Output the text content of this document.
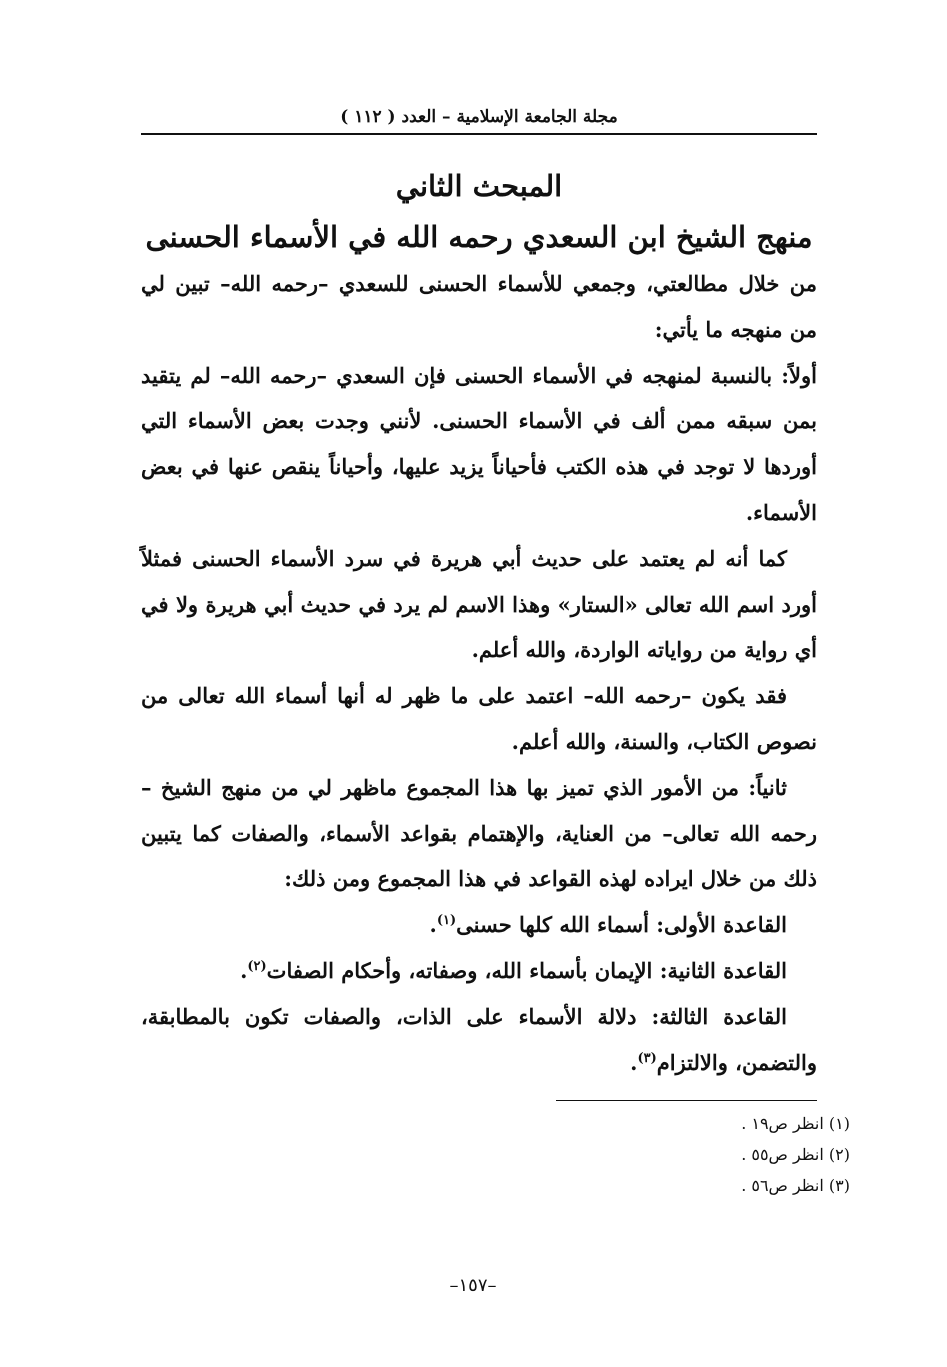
مجلة الجامعة الإسلامية – العدد ( ١١٢ )
المبحث الثاني
منهج الشيخ ابن السعدي رحمه الله في الأسماء الحسنى

من خلال مطالعتي، وجمعي للأسماء الحسنى للسعدي –رحمه الله– تبين لي من منهجه ما يأتي:

أولاً: بالنسبة لمنهجه في الأسماء الحسنى فإن السعدي –رحمه الله– لم يتقيد بمن سبقه ممن ألف في الأسماء الحسنى. لأنني وجدت بعض الأسماء التي أوردها لا توجد في هذه الكتب فأحياناً يزيد عليها، وأحياناً ينقص عنها في بعض الأسماء.

كما أنه لم يعتمد على حديث أبي هريرة في سرد الأسماء الحسنى فمثلاً أورد اسم الله تعالى «الستار» وهذا الاسم لم يرد في حديث أبي هريرة ولا في أي رواية من رواياته الواردة، والله أعلم.

فقد يكون –رحمه الله– اعتمد على ما ظهر له أنها أسماء الله تعالى من نصوص الكتاب، والسنة، والله أعلم.

ثانياً: من الأمور الذي تميز بها هذا المجموع ماظهر لي من منهج الشيخ –رحمه الله تعالى– من العناية، والإهتمام بقواعد الأسماء، والصفات كما يتبين ذلك من خلال ايراده لهذه القواعد في هذا المجموع ومن ذلك:

القاعدة الأولى: أسماء الله كلها حسنى$^{(١)}$.

القاعدة الثانية: الإيمان بأسماء الله، وصفاته، وأحكام الصفات$^{(٢)}$.

القاعدة الثالثة: دلالة الأسماء على الذات، والصفات تكون بالمطابقة، والتضمن، والالتزام$^{(٣)}$.

(١) انظر ص١٩ .
(٢) انظر ص٥٥ .
(٣) انظر ص٥٦ .
–١٥٧–
